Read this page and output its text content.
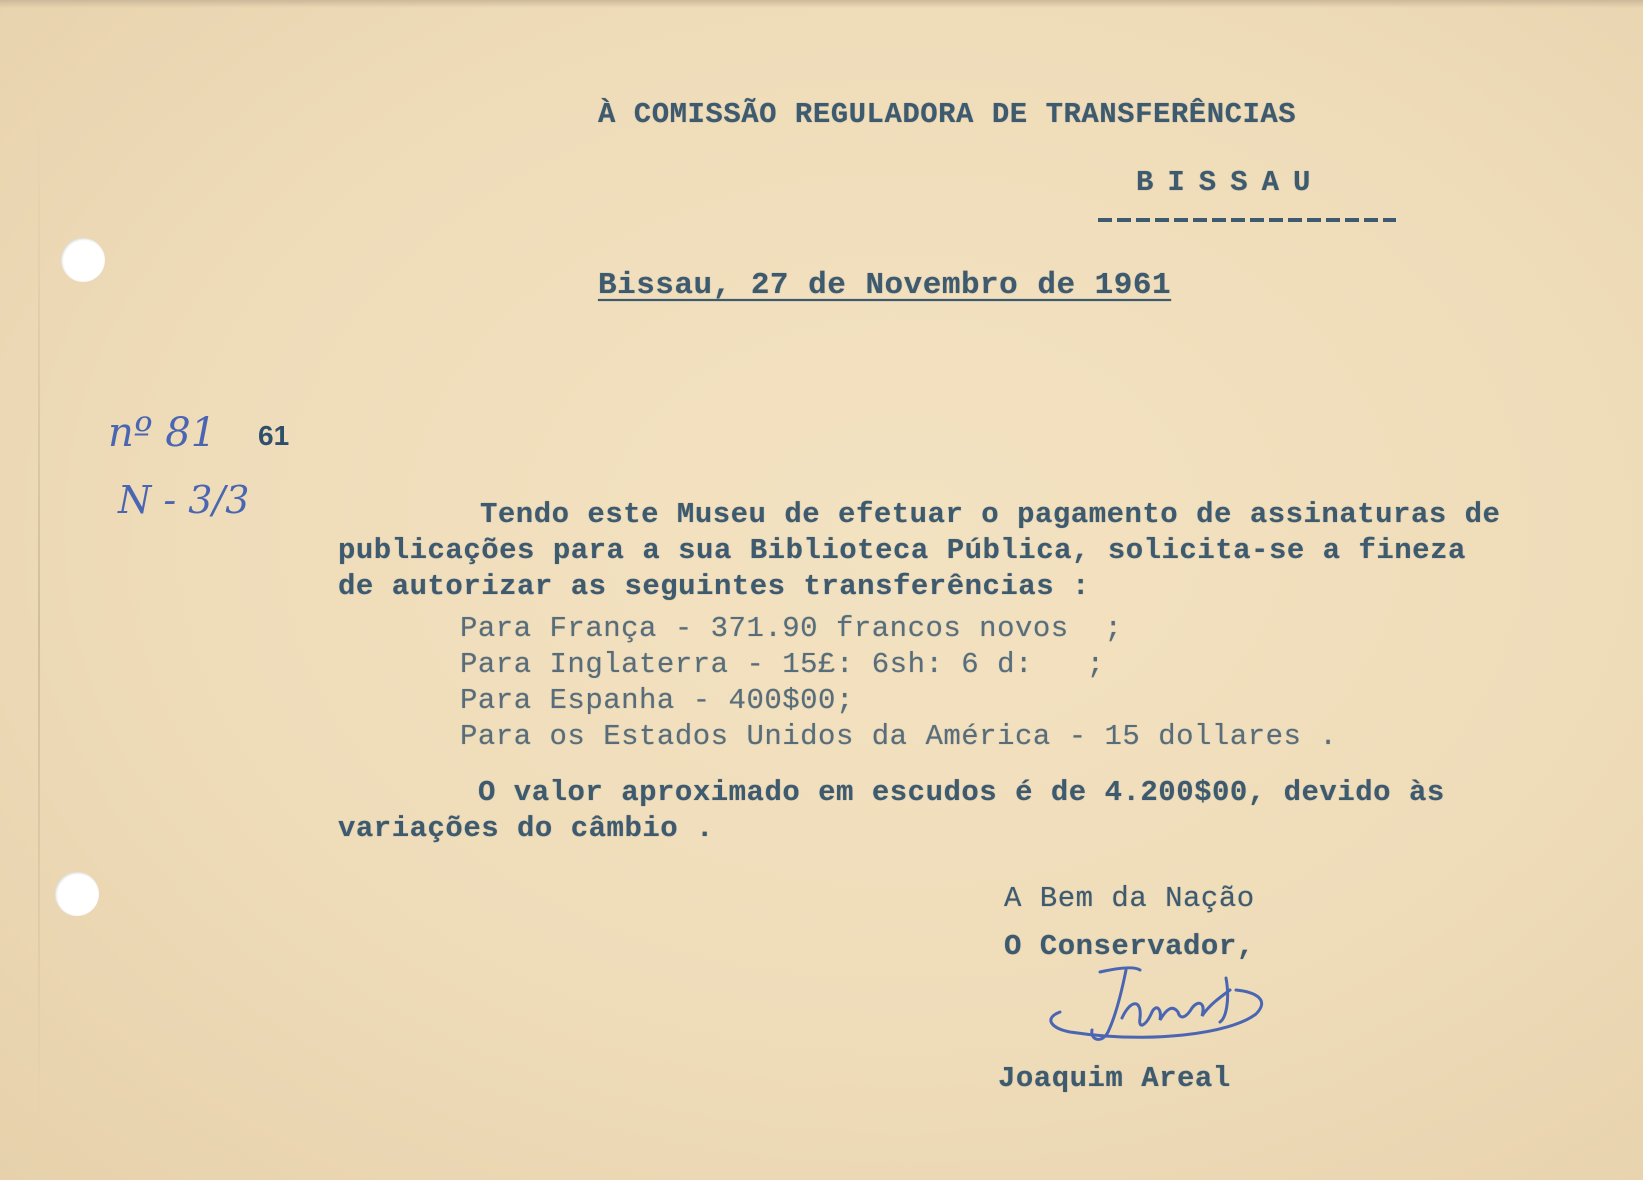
À COMISSÃO REGULADORA DE TRANSFERÊNCIAS
BISSAU
Bissau, 27 de Novembro de 1961
nº 81 61
N - 3/3	Tendo este Museu de efetuar o pagamento de assinaturas de
publicações para a sua Biblioteca Pública, solicita-se a fineza
de autorizar as seguintes transferências :
Para França - 371.90 francos novos  ;
Para Inglaterra - 15£: 6sh: 6 d:   ;
Para Espanha - 400$00;
Para os Estados Unidos da América - 15 dollares .
O valor aproximado em escudos é de 4.200$00, devido às
variações do câmbio .
A Bem da Nação
O Conservador,
Joaquim Areal
